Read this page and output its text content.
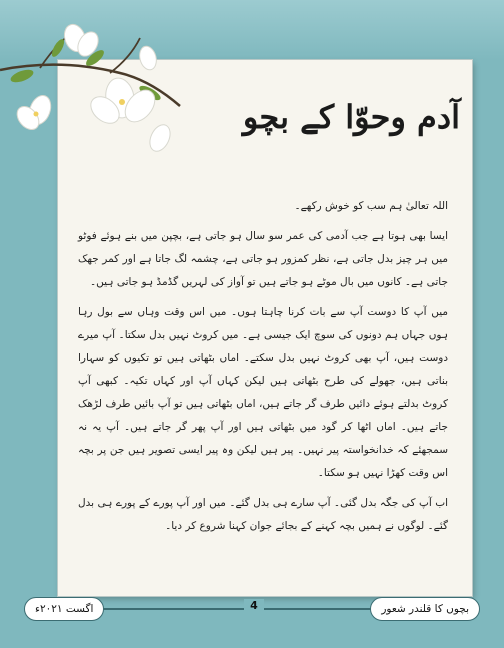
آدم وحوّا کے بچو

اللہ تعالیٰ ہم سب کو خوش رکھے۔

ایسا بھی ہوتا ہے جب آدمی کی عمر سو سال ہو جاتی ہے، بچپن میں بنے ہوئے فوٹو میں ہر چیز بدل جاتی ہے، نظر کمزور ہو جاتی ہے، چشمہ لگ جاتا ہے اور کمر جھک جاتی ہے۔ کانوں میں بال موٹے ہو جاتے ہیں تو آواز کی لہریں گڈمڈ ہو جاتی ہیں۔

میں آپ کا دوست آپ سے بات کرنا چاہتا ہوں۔ میں اس وقت وہاں سے بول رہا ہوں جہاں ہم دونوں کی سوچ ایک جیسی ہے۔ میں کروٹ نہیں بدل سکتا۔ آپ میرے دوست ہیں، آپ بھی کروٹ نہیں بدل سکتے۔ اماں بٹھاتی ہیں تو تکیوں کو سہارا بناتی ہیں، جھولے کی طرح بٹھاتی ہیں لیکن کہاں آپ اور کہاں تکیہ۔ کبھی آپ کروٹ بدلتے ہوئے دائیں طرف گر جاتے ہیں، اماں بٹھاتی ہیں تو آپ بائیں طرف لڑھک جاتے ہیں۔ اماں اٹھا کر گود میں بٹھاتی ہیں اور آپ پھر گر جاتے ہیں۔ آپ یہ نہ سمجھئے کہ خدانخواستہ پیر نہیں۔ پیر ہیں لیکن وہ پیر ایسی تصویر ہیں جن پر بچہ اس وقت کھڑا نہیں ہو سکتا۔

اب آپ کی جگہ بدل گئی۔ آپ سارے ہی بدل گئے۔ میں اور آپ پورے کے پورے ہی بدل گئے۔ لوگوں نے ہمیں بچہ کہنے کے بجائے جوان کہنا شروع کر دیا۔

اگست ۲۰۲۱ء	4	بچوں کا قلندر شعور
